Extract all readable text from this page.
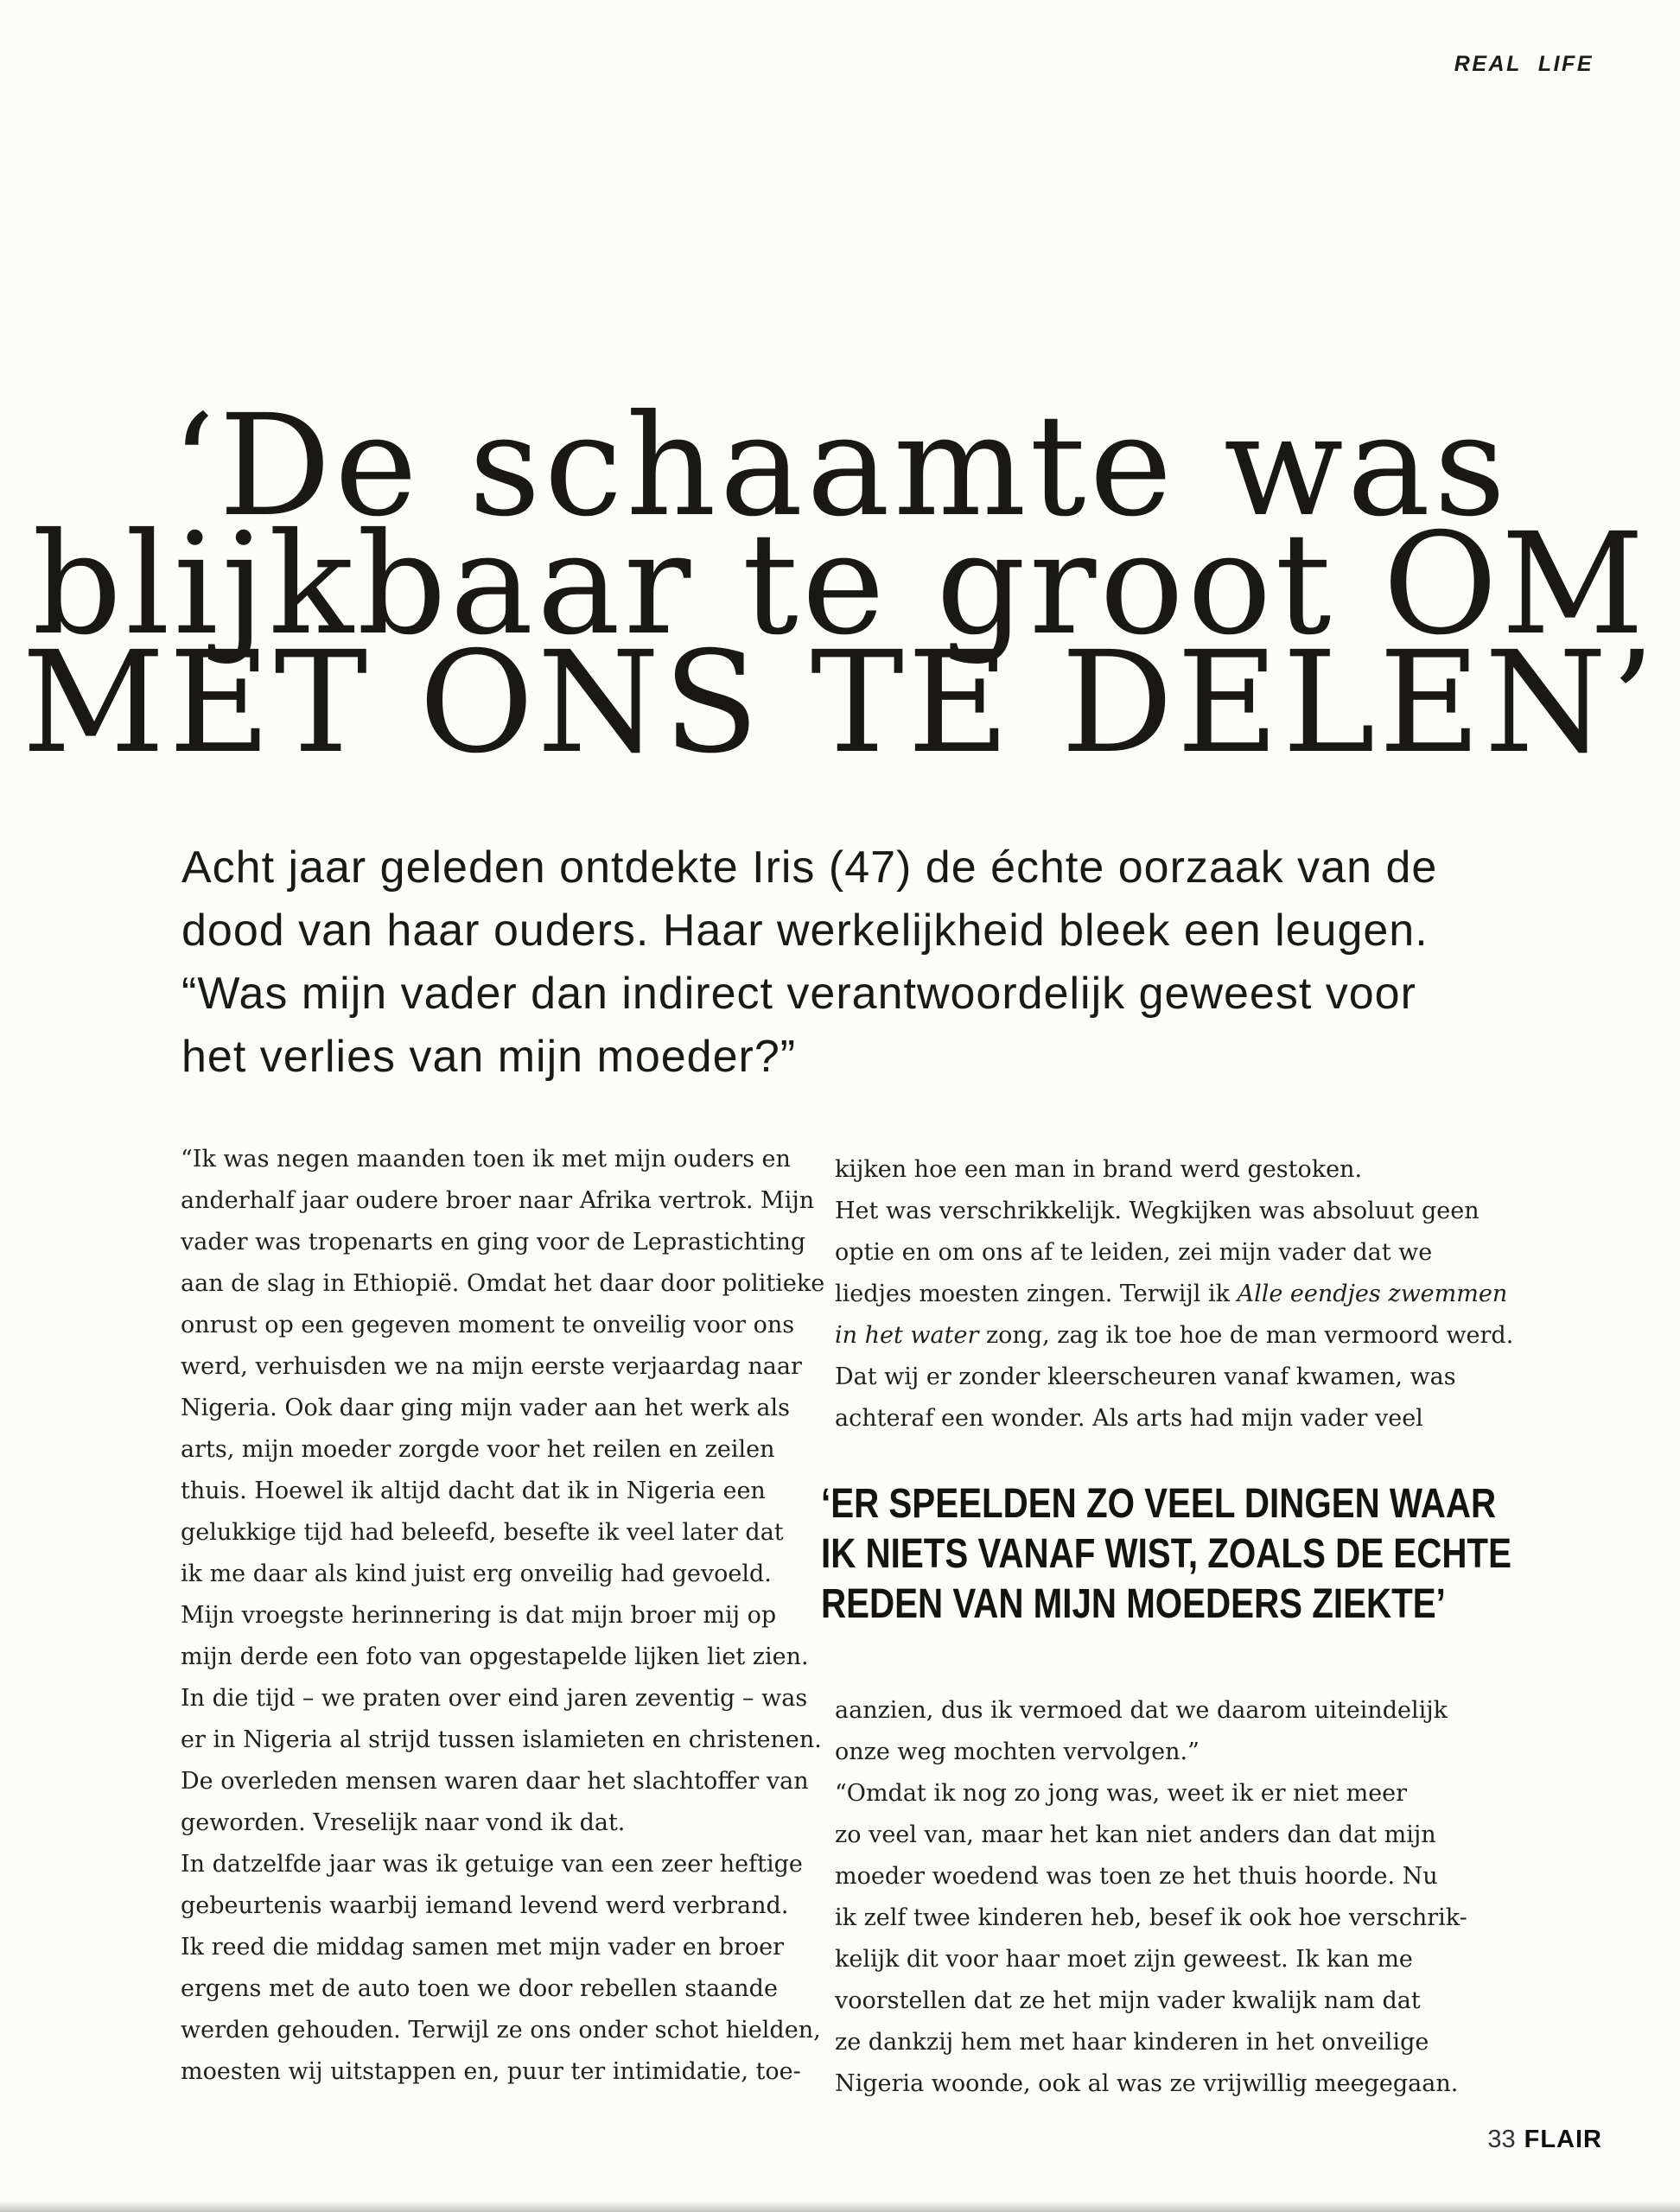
REAL LIFE
‘De schaamte was
blijkbaar te groot OM
MET ONS TE DELEN’
Acht jaar geleden ontdekte Iris (47) de échte oorzaak van de
dood van haar ouders. Haar werkelijkheid bleek een leugen.
“Was mijn vader dan indirect verantwoordelijk geweest voor
het verlies van mijn moeder?”
“Ik was negen maanden toen ik met mijn ouders en
anderhalf jaar oudere broer naar Afrika vertrok. Mijn
vader was tropenarts en ging voor de Leprastichting
aan de slag in Ethiopië. Omdat het daar door politieke
onrust op een gegeven moment te onveilig voor ons
werd, verhuisden we na mijn eerste verjaardag naar
Nigeria. Ook daar ging mijn vader aan het werk als
arts, mijn moeder zorgde voor het reilen en zeilen
thuis. Hoewel ik altijd dacht dat ik in Nigeria een
gelukkige tijd had beleefd, besefte ik veel later dat
ik me daar als kind juist erg onveilig had gevoeld.
Mijn vroegste herinnering is dat mijn broer mij op
mijn derde een foto van opgestapelde lijken liet zien.
In die tijd – we praten over eind jaren zeventig – was
er in Nigeria al strijd tussen islamieten en christenen.
De overleden mensen waren daar het slachtoffer van
geworden. Vreselijk naar vond ik dat.
In datzelfde jaar was ik getuige van een zeer heftige
gebeurtenis waarbij iemand levend werd verbrand.
Ik reed die middag samen met mijn vader en broer
ergens met de auto toen we door rebellen staande
werden gehouden. Terwijl ze ons onder schot hielden,
moesten wij uitstappen en, puur ter intimidatie, toe-
kijken hoe een man in brand werd gestoken.
Het was verschrikkelijk. Wegkijken was absoluut geen
optie en om ons af te leiden, zei mijn vader dat we
liedjes moesten zingen. Terwijl ik Alle eendjes zwemmen
in het water zong, zag ik toe hoe de man vermoord werd.
Dat wij er zonder kleerscheuren vanaf kwamen, was
achteraf een wonder. Als arts had mijn vader veel
‘ER SPEELDEN ZO VEEL DINGEN WAAR
IK NIETS VANAF WIST, ZOALS DE ECHTE
REDEN VAN MIJN MOEDERS ZIEKTE’
aanzien, dus ik vermoed dat we daarom uiteindelijk
onze weg mochten vervolgen.”
“Omdat ik nog zo jong was, weet ik er niet meer
zo veel van, maar het kan niet anders dan dat mijn
moeder woedend was toen ze het thuis hoorde. Nu
ik zelf twee kinderen heb, besef ik ook hoe verschrik-
kelijk dit voor haar moet zijn geweest. Ik kan me
voorstellen dat ze het mijn vader kwalijk nam dat
ze dankzij hem met haar kinderen in het onveilige
Nigeria woonde, ook al was ze vrijwillig meegegaan.
33 FLAIR
